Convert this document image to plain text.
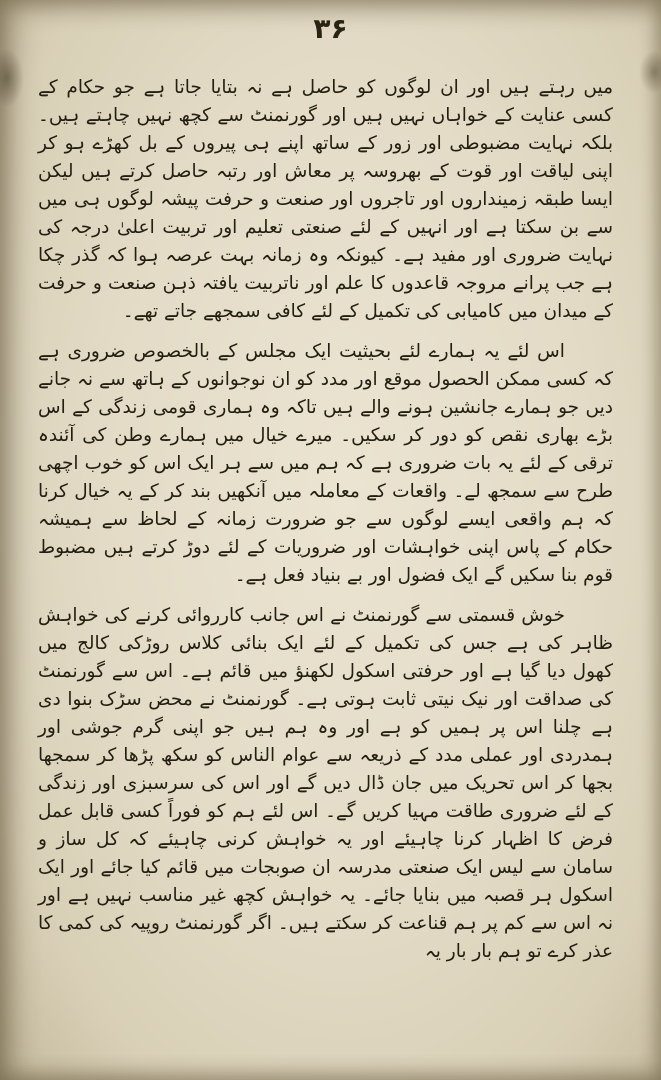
۳۶

میں رہتے ہیں اور ان لوگوں کو حاصل ہے نہ بتایا جاتا ہے جو حکام کے کسی عنایت کے خواہاں نہیں ہیں اور گورنمنٹ سے کچھ نہیں چاہتے ہیں۔ بلکہ نہایت مضبوطی اور زور کے ساتھ اپنے ہی پیروں کے بل کھڑے ہو کر اپنی لیاقت اور قوت کے بھروسہ پر معاش اور رتبہ حاصل کرتے ہیں لیکن ایسا طبقہ زمینداروں اور تاجروں اور صنعت و حرفت پیشہ لوگوں ہی میں سے بن سکتا ہے اور انہیں کے لئے صنعتی تعلیم اور تربیت اعلیٰ درجہ کی نہایت ضروری اور مفید ہے۔ کیونکہ وہ زمانہ بہت عرصہ ہوا کہ گذر چکا ہے جب پرانے مروجہ قاعدوں کا علم اور ناتربیت یافتہ ذہن صنعت و حرفت کے میدان میں کامیابی کی تکمیل کے لئے کافی سمجھے جاتے تھے۔

اس لئے یہ ہمارے لئے بحیثیت ایک مجلس کے بالخصوص ضروری ہے کہ کسی ممکن الحصول موقع اور مدد کو ان نوجوانوں کے ہاتھ سے نہ جانے دیں جو ہمارے جانشین ہونے والے ہیں تاکہ وہ ہماری قومی زندگی کے اس بڑے بھاری نقص کو دور کر سکیں۔ میرے خیال میں ہمارے وطن کی آئندہ ترقی کے لئے یہ بات ضروری ہے کہ ہم میں سے ہر ایک اس کو خوب اچھی طرح سے سمجھ لے۔ واقعات کے معاملہ میں آنکھیں بند کر کے یہ خیال کرنا کہ ہم واقعی ایسے لوگوں سے جو ضرورت زمانہ کے لحاظ سے ہمیشہ حکام کے پاس اپنی خواہشات اور ضروریات کے لئے دوڑ کرتے ہیں مضبوط قوم بنا سکیں گے ایک فضول اور بے بنیاد فعل ہے۔

خوش قسمتی سے گورنمنٹ نے اس جانب کارروائی کرنے کی خواہش ظاہر کی ہے جس کی تکمیل کے لئے ایک بنائی کلاس روڑکی کالج میں کھول دیا گیا ہے اور حرفتی اسکول لکھنؤ میں قائم ہے۔ اس سے گورنمنٹ کی صداقت اور نیک نیتی ثابت ہوتی ہے۔ گورنمنٹ نے محض سڑک بنوا دی ہے چلنا اس پر ہمیں کو ہے اور وہ ہم ہیں جو اپنی گرم جوشی اور ہمدردی اور عملی مدد کے ذریعہ سے عوام الناس کو سکھ پڑھا کر سمجھا بجھا کر اس تحریک میں جان ڈال دیں گے اور اس کی سرسبزی اور زندگی کے لئے ضروری طاقت مہیا کریں گے۔ اس لئے ہم کو فوراً کسی قابل عمل فرض کا اظہار کرنا چاہیئے اور یہ خواہش کرنی چاہیئے کہ کل ساز و سامان سے لیس ایک صنعتی مدرسہ ان صوبجات میں قائم کیا جائے اور ایک اسکول ہر قصبہ میں بنایا جائے۔ یہ خواہش کچھ غیر مناسب نہیں ہے اور نہ اس سے کم پر ہم قناعت کر سکتے ہیں۔ اگر گورنمنٹ روپیہ کی کمی کا عذر کرے تو ہم بار بار یہ
